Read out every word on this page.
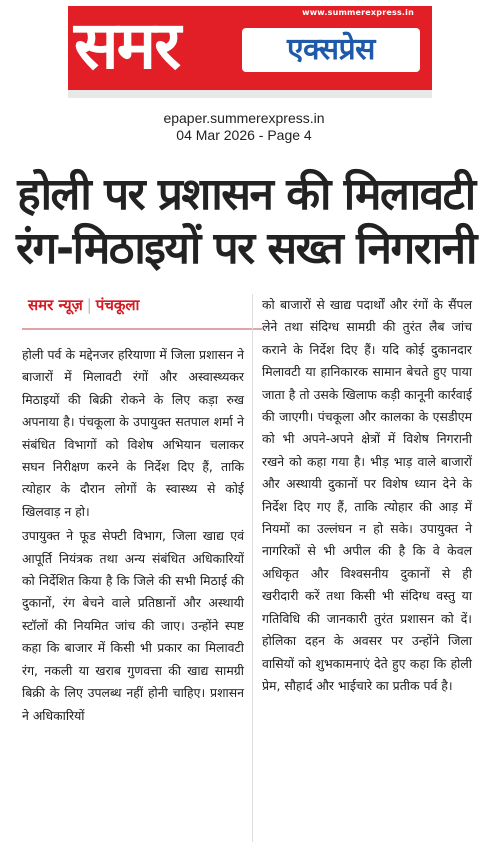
समर	www.summerexpress.in
एक्सप्रेस
epaper.summerexpress.in
04 Mar 2026 - Page 4
होली पर प्रशासन की मिलावटी रंग-मिठाइयों पर सख्त निगरानी
समर न्यूज़ | पंचकूला

होली पर्व के मद्देनजर हरियाणा में जिला प्रशासन ने बाजारों में मिलावटी रंगों और अस्वास्थ्यकर मिठाइयों की बिक्री रोकने के लिए कड़ा रुख अपनाया है। पंचकूला के उपायुक्त सतपाल शर्मा ने संबंधित विभागों को विशेष अभियान चलाकर सघन निरीक्षण करने के निर्देश दिए हैं, ताकि त्योहार के दौरान लोगों के स्वास्थ्य से कोई खिलवाड़ न हो।

उपायुक्त ने फूड सेफ्टी विभाग, जिला खाद्य एवं आपूर्ति नियंत्रक तथा अन्य संबंधित अधिकारियों को निर्देशित किया है कि जिले की सभी मिठाई की दुकानों, रंग बेचने वाले प्रतिष्ठानों और अस्थायी स्टॉलों की नियमित जांच की जाए। उन्होंने स्पष्ट कहा कि बाजार में किसी भी प्रकार का मिलावटी रंग, नकली या खराब गुणवत्ता की खाद्य सामग्री बिक्री के लिए उपलब्ध नहीं होनी चाहिए। प्रशासन ने अधिकारियों

को बाजारों से खाद्य पदार्थों और रंगों के सैंपल लेने तथा संदिग्ध सामग्री की तुरंत लैब जांच कराने के निर्देश दिए हैं। यदि कोई दुकानदार मिलावटी या हानिकारक सामान बेचते हुए पाया जाता है तो उसके खिलाफ कड़ी कानूनी कार्रवाई की जाएगी। पंचकूला और कालका के एसडीएम को भी अपने-अपने क्षेत्रों में विशेष निगरानी रखने को कहा गया है। भीड़ भाड़ वाले बाजारों और अस्थायी दुकानों पर विशेष ध्यान देने के निर्देश दिए गए हैं, ताकि त्योहार की आड़ में नियमों का उल्लंघन न हो सके। उपायुक्त ने नागरिकों से भी अपील की है कि वे केवल अधिकृत और विश्वसनीय दुकानों से ही खरीदारी करें तथा किसी भी संदिग्ध वस्तु या गतिविधि की जानकारी तुरंत प्रशासन को दें। होलिका दहन के अवसर पर उन्होंने जिला वासियों को शुभकामनाएं देते हुए कहा कि होली प्रेम, सौहार्द और भाईचारे का प्रतीक पर्व है।
